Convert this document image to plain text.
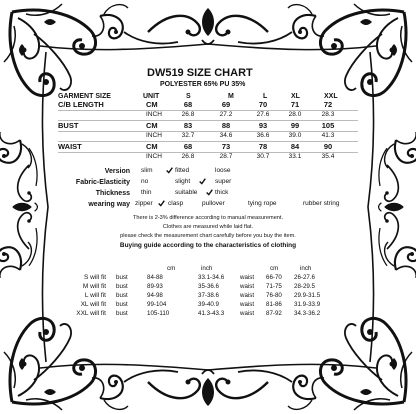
DW519 SIZE CHART
POLYESTER 65% PU 35%
GARMENT SIZE	UNIT	S	M	L	XL	XXL
C/B LENGTH	CM	68	69	70	71	72
INCH	26.8	27.2	27.6	28.0	28.3
BUST	CM	83	88	93	99	105
INCH	32.7	34.6	36.6	39.0	41.3
WAIST	CM	68	73	78	84	90
INCH	26.8	28.7	30.7	33.1	35.4
Version slim	fitted	loose
Fabric-Elasticity no	slight	super
Thickness thin	suitable	thick
wearing way zipper clasp	pullover	tying rope	rubber string
There is 2-3% difference according to manual measurement.
Clothes are measured while laid flat.
please check the measurement chart carefully before you buy the item.
Buying guide according to the characteristics of clothing
cm	inch	cm	inch
S will fit bust	84-88	33.1-34.6	waist 66-70 26-27.6
M will fit bust	89-93	35-36.6	waist 71-75 28-29.5
L will fit bust	94-98	37-38.6	waist 76-80 29.9-31.5
XL will fit bust	99-104	39-40.9	waist 81-86 31.9-33.9
XXL will fit bust	105-110	41.3-43.3	waist 87-92 34.3-36.2
